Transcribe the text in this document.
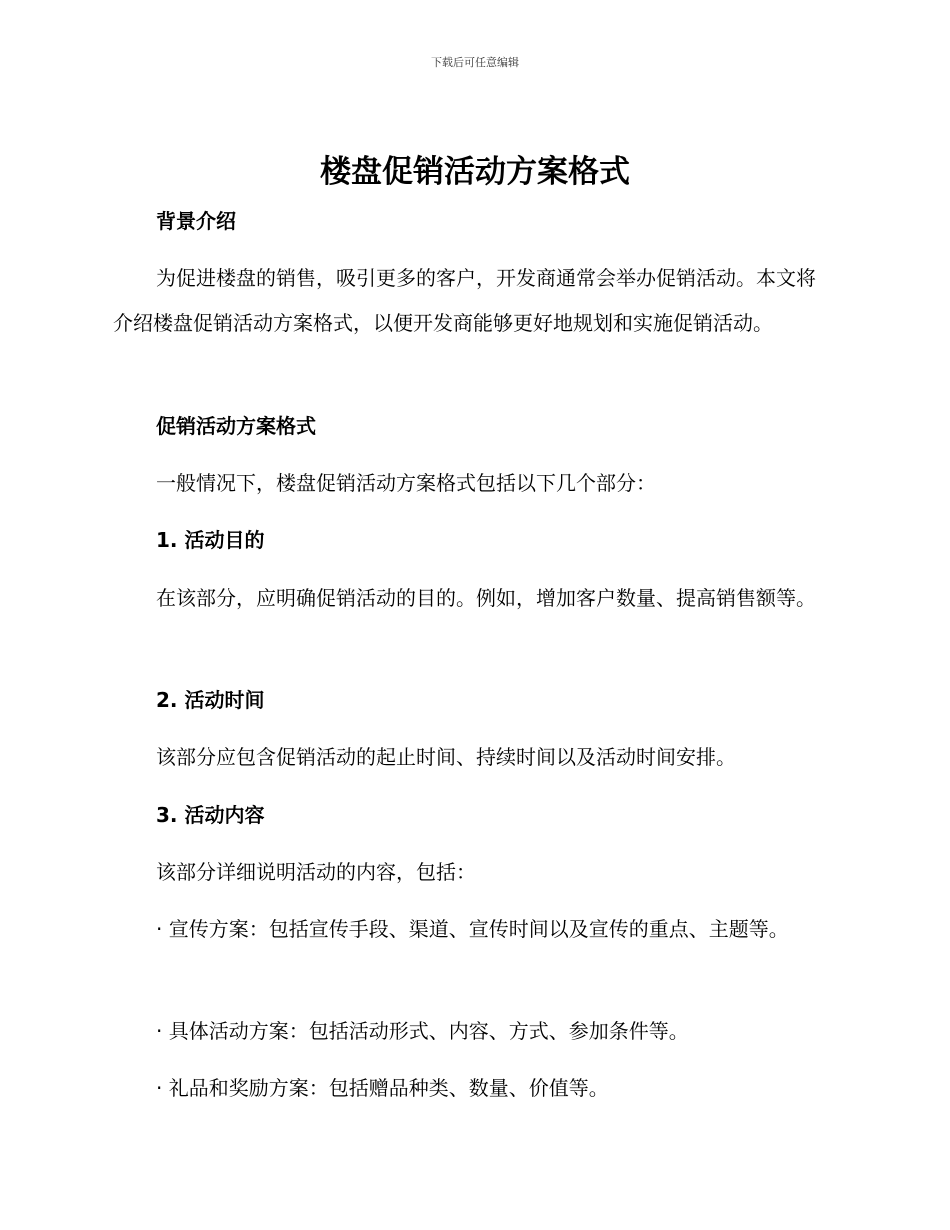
下载后可任意编辑
楼盘促销活动方案格式

背景介绍

为促进楼盘的销售，吸引更多的客户，开发商通常会举办促销活动。本文将介绍楼盘促销活动方案格式，以便开发商能够更好地规划和实施促销活动。

促销活动方案格式

一般情况下，楼盘促销活动方案格式包括以下几个部分：

1. 活动目的

在该部分，应明确促销活动的目的。例如，增加客户数量、提高销售额等。

2. 活动时间

该部分应包含促销活动的起止时间、持续时间以及活动时间安排。

3. 活动内容

该部分详细说明活动的内容，包括：

· 宣传方案：包括宣传手段、渠道、宣传时间以及宣传的重点、主题等。

· 具体活动方案：包括活动形式、内容、方式、参加条件等。

· 礼品和奖励方案：包括赠品种类、数量、价值等。
